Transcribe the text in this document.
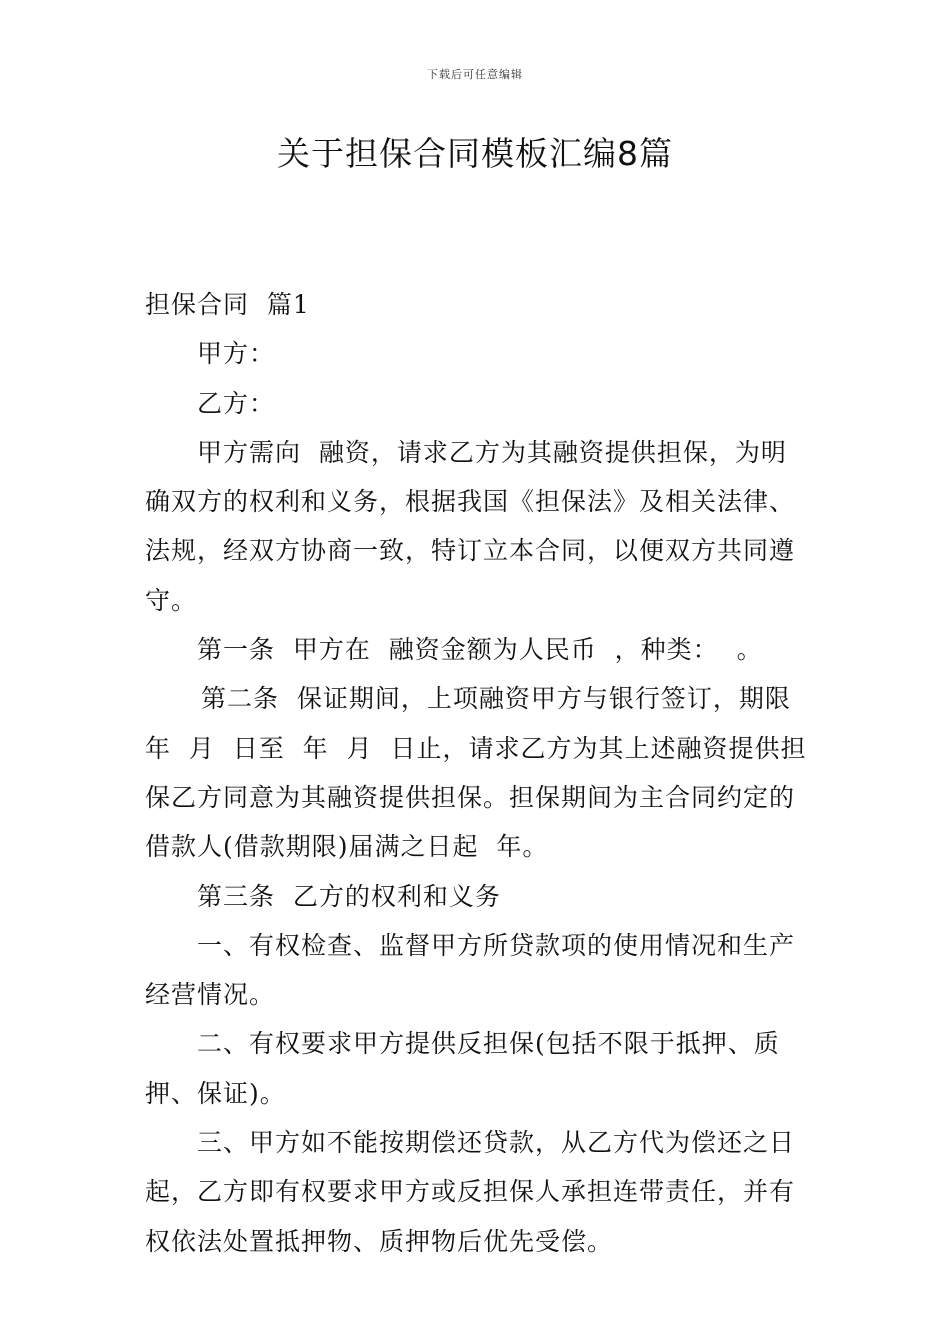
下载后可任意编辑
关于担保合同模板汇编8篇

担保合同  篇1

甲方：

乙方：

甲方需向  融资，请求乙方为其融资提供担保，为明确双方的权利和义务，根据我国《担保法》及相关法律、法规，经双方协商一致，特订立本合同，以便双方共同遵守。

第一条  甲方在  融资金额为人民币  ，种类：  。

第二条  保证期间，上项融资甲方与银行签订，期限  年  月  日至  年  月  日止，请求乙方为其上述融资提供担保乙方同意为其融资提供担保。担保期间为主合同约定的借款人(借款期限)届满之日起  年。

第三条  乙方的权利和义务

一、有权检查、监督甲方所贷款项的使用情况和生产经营情况。

二、有权要求甲方提供反担保(包括不限于抵押、质押、保证)。

三、甲方如不能按期偿还贷款，从乙方代为偿还之日起，乙方即有权要求甲方或反担保人承担连带责任，并有权依法处置抵押物、质押物后优先受偿。
